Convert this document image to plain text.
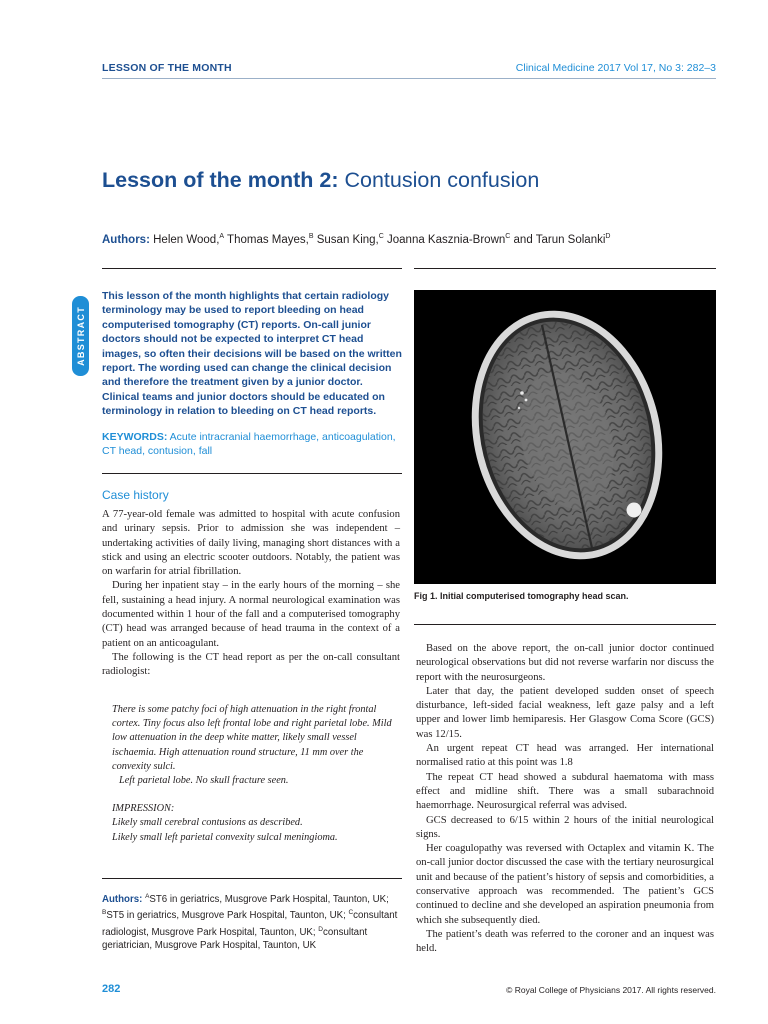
LESSON OF THE MONTH	Clinical Medicine 2017 Vol 17, No 3: 282–3
Lesson of the month 2: Contusion confusion
Authors: Helen Wood,$^A$ Thomas Mayes,$^B$ Susan King,$^C$ Joanna Kasznia-Brown$^C$ and Tarun Solanki$^D$
ABSTRACT
This lesson of the month highlights that certain radiology terminology may be used to report bleeding on head computerised tomography (CT) reports. On-call junior doctors should not be expected to interpret CT head images, so often their decisions will be based on the written report. The wording used can change the clinical decision and therefore the treatment given by a junior doctor. Clinical teams and junior doctors should be educated on terminology in relation to bleeding on CT head reports.
KEYWORDS: Acute intracranial haemorrhage, anticoagulation, CT head, contusion, fall
Case history

A 77-year-old female was admitted to hospital with acute confusion and urinary sepsis. Prior to admission she was independent – undertaking activities of daily living, managing short distances with a stick and using an electric scooter outdoors. Notably, the patient was on warfarin for atrial fibrillation.

During her inpatient stay – in the early hours of the morning – she fell, sustaining a head injury. A normal neurological examination was documented within 1 hour of the fall and a computerised tomography (CT) head was arranged because of head trauma in the context of a patient on an anticoagulant.

The following is the CT head report as per the on-call consultant radiologist:

There is some patchy foci of high attenuation in the right frontal cortex. Tiny focus also left frontal lobe and right parietal lobe. Mild low attenuation in the deep white matter, likely small vessel ischaemia. High attenuation round structure, 11 mm over the convexity sulci.

Left parietal lobe. No skull fracture seen.

IMPRESSION:

Likely small cerebral contusions as described.

Likely small left parietal convexity sulcal meningioma.

Authors: $^A$ST6 in geriatrics, Musgrove Park Hospital, Taunton, UK; $^B$ST5 in geriatrics, Musgrove Park Hospital, Taunton, UK; $^C$consultant radiologist, Musgrove Park Hospital, Taunton, UK; $^D$consultant geriatrician, Musgrove Park Hospital, Taunton, UK
Fig 1. Initial computerised tomography head scan.

Based on the above report, the on-call junior doctor continued neurological observations but did not reverse warfarin nor discuss the report with the neurosurgeons.

Later that day, the patient developed sudden onset of speech disturbance, left-sided facial weakness, left gaze palsy and a left upper and lower limb hemiparesis. Her Glasgow Coma Score (GCS) was 12/15.

An urgent repeat CT head was arranged. Her international normalised ratio at this point was 1.8

The repeat CT head showed a subdural haematoma with mass effect and midline shift. There was a small subarachnoid haemorrhage. Neurosurgical referral was advised.

GCS decreased to 6/15 within 2 hours of the initial neurological signs.

Her coagulopathy was reversed with Octaplex and vitamin K. The on-call junior doctor discussed the case with the tertiary neurosurgical unit and because of the patient’s history of sepsis and comorbidities, a conservative approach was recommended. The patient’s GCS continued to decline and she developed an aspiration pneumonia from which she subsequently died.

The patient’s death was referred to the coroner and an inquest was held.

282	© Royal College of Physicians 2017. All rights reserved.
